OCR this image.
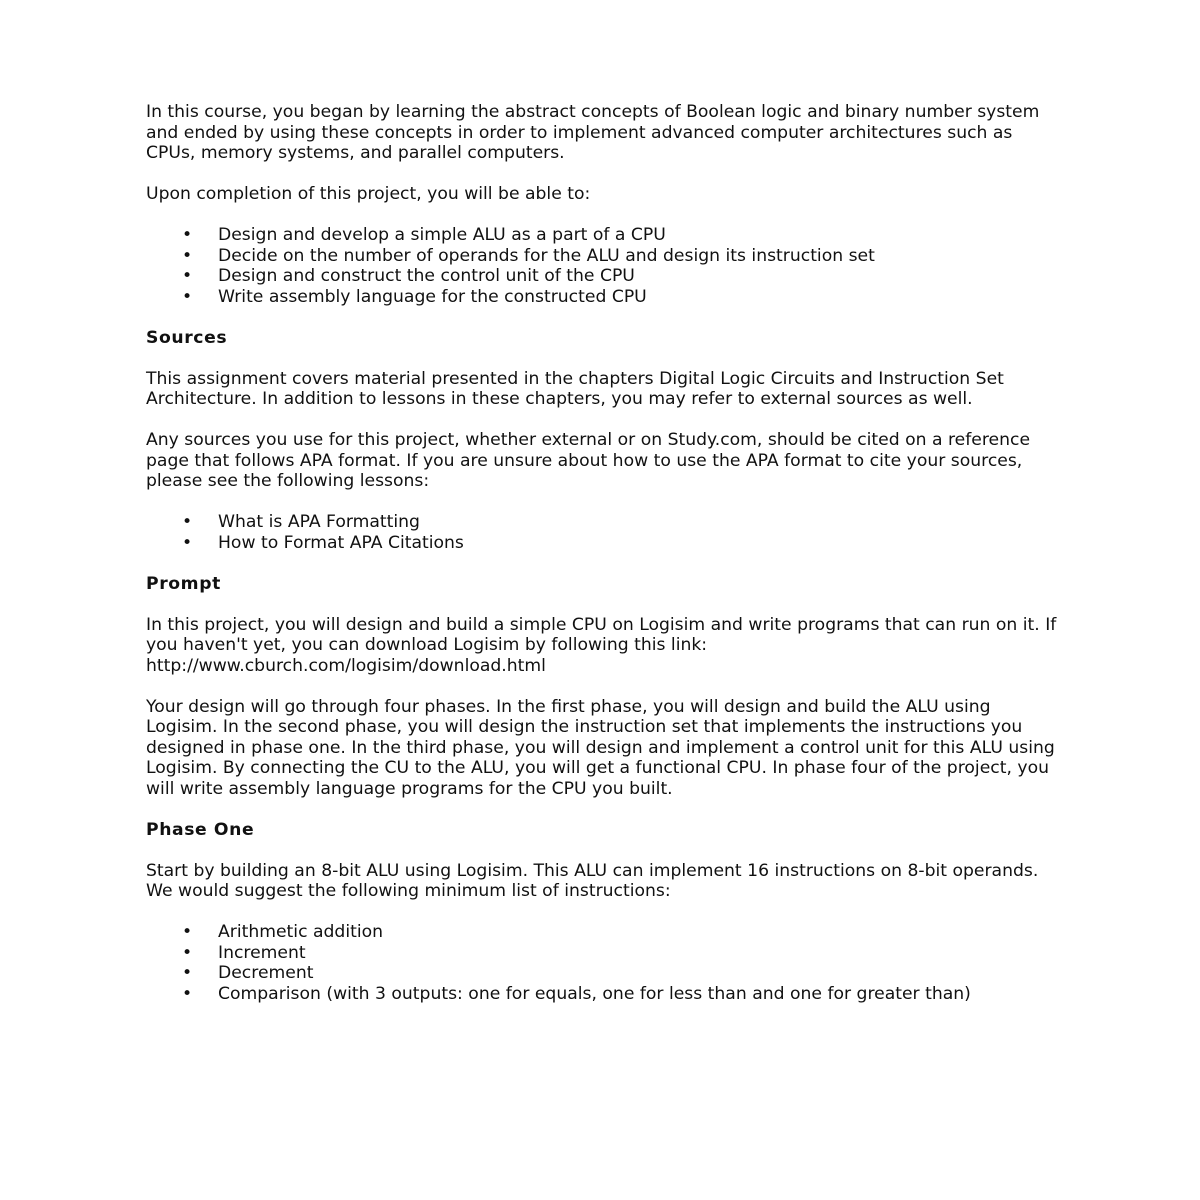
In this course, you began by learning the abstract concepts of Boolean logic and binary number system and ended by using these concepts in order to implement advanced computer architectures such as CPUs, memory systems, and parallel computers.

Upon completion of this project, you will be able to:

• Design and develop a simple ALU as a part of a CPU
• Decide on the number of operands for the ALU and design its instruction set
• Design and construct the control unit of the CPU
• Write assembly language for the constructed CPU
Sources

This assignment covers material presented in the chapters Digital Logic Circuits and Instruction Set Architecture. In addition to lessons in these chapters, you may refer to external sources as well.

Any sources you use for this project, whether external or on Study.com, should be cited on a reference page that follows APA format. If you are unsure about how to use the APA format to cite your sources, please see the following lessons:

• What is APA Formatting
• How to Format APA Citations
Prompt

In this project, you will design and build a simple CPU on Logisim and write programs that can run on it. If you haven't yet, you can download Logisim by following this link: http://www.cburch.com/logisim/download.html

Your design will go through four phases. In the first phase, you will design and build the ALU using Logisim. In the second phase, you will design the instruction set that implements the instructions you designed in phase one. In the third phase, you will design and implement a control unit for this ALU using Logisim. By connecting the CU to the ALU, you will get a functional CPU. In phase four of the project, you will write assembly language programs for the CPU you built.

Phase One

Start by building an 8-bit ALU using Logisim. This ALU can implement 16 instructions on 8-bit operands. We would suggest the following minimum list of instructions:

• Arithmetic addition
• Increment
• Decrement
• Comparison (with 3 outputs: one for equals, one for less than and one for greater than)
